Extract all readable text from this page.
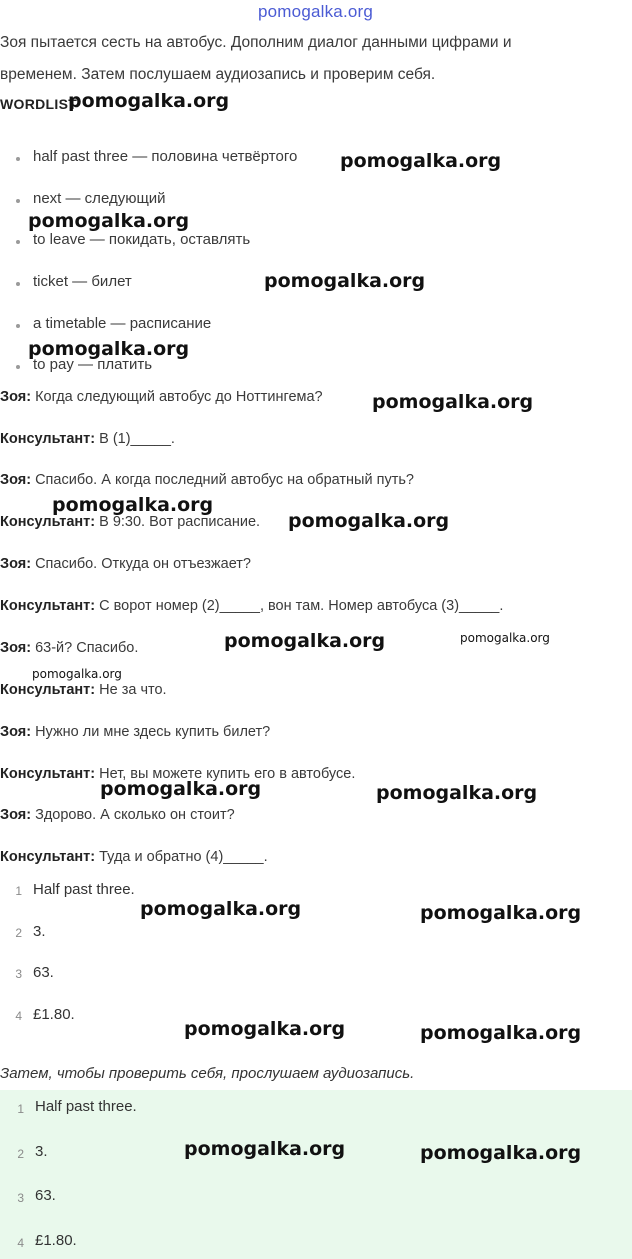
pomogalka.org
Зоя пытается сесть на автобус. Дополним диалог данными цифрами и
временем. Затем послушаем аудиозапись и проверим себя.
WORDLIST
half past three — половина четвёртого
next — следующий
to leave — покидать, оставлять
ticket — билет
a timetable — расписание
to pay — платить
Зоя: Когда следующий автобус до Ноттингема?
Консультант: В (1)_____.
Зоя: Спасибо. А когда последний автобус на обратный путь?
Консультант: В 9:30. Вот расписание.
Зоя: Спасибо. Откуда он отъезжает?
Консультант: С ворот номер (2)_____, вон там. Номер автобуса (3)_____.
Зоя: 63-й? Спасибо.
Консультант: Не за что.
Зоя: Нужно ли мне здесь купить билет?
Консультант: Нет, вы можете купить его в автобусе.
Зоя: Здорово. А сколько он стоит?
Консультант: Туда и обратно (4)_____.
1 Half past three.
2 3.
3 63.
4 £1.80.
Затем, чтобы проверить себя, прослушаем аудиозапись.
1 Half past three.
2 3.
3 63.
4 £1.80.
pomogalka.org
pomogalka.org
pomogalka.org
pomogalka.org
pomogalka.org
pomogalka.org
pomogalka.org
pomogalka.org
pomogalka.org	pomogalka.org
pomogalka.org
pomogalka.org	pomogalka.org
pomogalka.org	pomogalka.org
pomogalka.org	pomogalka.org
pomogalka.org	pomogalka.org
